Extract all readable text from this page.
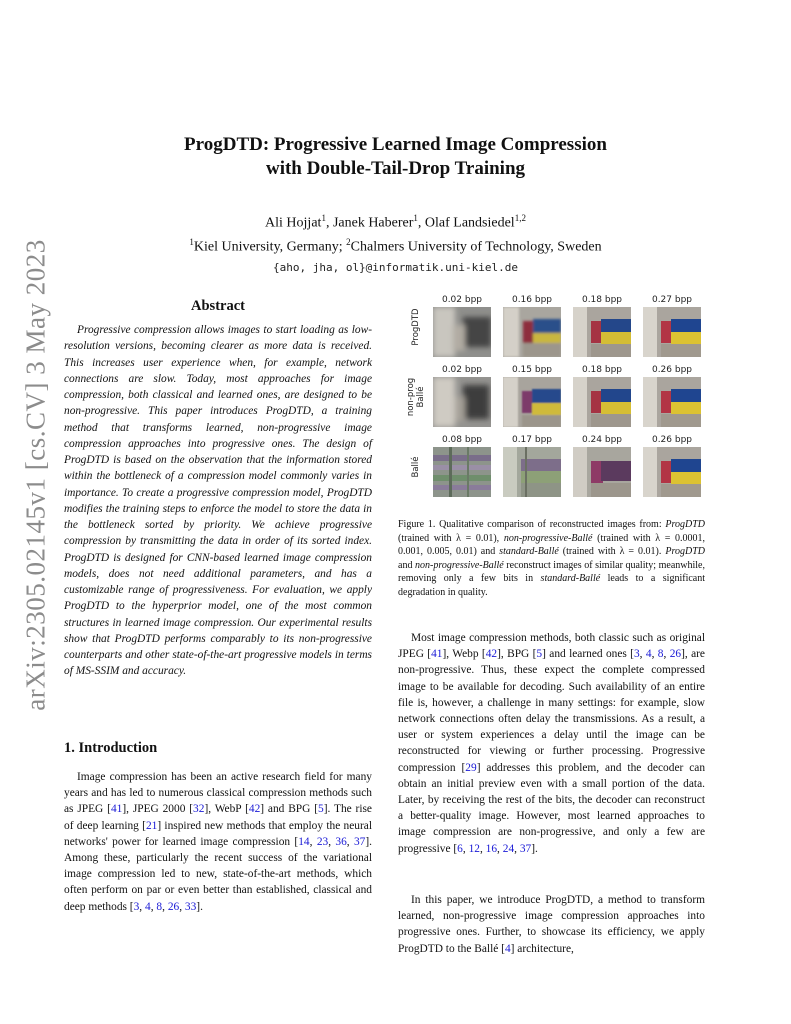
arXiv:2305.02145v1 [cs.CV] 3 May 2023
ProgDTD: Progressive Learned Image Compression
with Double-Tail-Drop Training
Ali Hojjat$^1$, Janek Haberer$^1$, Olaf Landsiedel$^{1,2}$
$^1$Kiel University, Germany; $^2$Chalmers University of Technology, Sweden
{aho, jha, ol}@informatik.uni-kiel.de
Abstract

Progressive compression allows images to start loading as low-resolution versions, becoming clearer as more data is received. This increases user experience when, for example, network connections are slow. Today, most approaches for image compression, both classical and learned ones, are designed to be non-progressive. This paper introduces ProgDTD, a training method that transforms learned, non-progressive image compression approaches into progressive ones. The design of ProgDTD is based on the observation that the information stored within the bottleneck of a compression model commonly varies in importance. To create a progressive compression model, ProgDTD modifies the training steps to enforce the model to store the data in the bottleneck sorted by priority. We achieve progressive compression by transmitting the data in order of its sorted index. ProgDTD is designed for CNN-based learned image compression models, does not need additional parameters, and has a customizable range of progressiveness. For evaluation, we apply ProgDTD to the hyperprior model, one of the most common structures in learned image compression. Our experimental results show that ProgDTD performs comparably to its non-progressive counterparts and other state-of-the-art progressive models in terms of MS-SSIM and accuracy.

1. Introduction

Image compression has been an active research field for many years and has led to numerous classical compression methods such as JPEG [41], JPEG 2000 [32], WebP [42] and BPG [5]. The rise of deep learning [21] inspired new methods that employ the neural networks' power for learned image compression [14, 23, 36, 37]. Among these, particularly the recent success of the variational image compression led to new, state-of-the-art methods, which often perform on par or even better than established, classical and deep methods [3, 4, 8, 26, 33].

ProgDTD
0.02 bpp	0.16 bpp	0.18 bpp	0.27 bpp
non-prog
Ballé
0.02 bpp	0.15 bpp	0.18 bpp	0.26 bpp
Ballé
0.08 bpp	0.17 bpp	0.24 bpp	0.26 bpp

Figure 1. Qualitative comparison of reconstructed images from: ProgDTD (trained with λ = 0.01), non-progressive-Ballé (trained with λ = 0.0001, 0.001, 0.005, 0.01) and standard-Ballé (trained with λ = 0.01). ProgDTD and non-progressive-Ballé reconstruct images of similar quality; meanwhile, removing only a few bits in standard-Ballé leads to a significant degradation in quality.

Most image compression methods, both classic such as original JPEG [41], Webp [42], BPG [5] and learned ones [3, 4, 8, 26], are non-progressive. Thus, these expect the complete compressed image to be available for decoding. Such availability of an entire file is, however, a challenge in many settings: for example, slow network connections often delay the transmissions. As a result, a user or system experiences a delay until the image can be reconstructed for viewing or further processing. Progressive compression [29] addresses this problem, and the decoder can obtain an initial preview even with a small portion of the data. Later, by receiving the rest of the bits, the decoder can reconstruct a better-quality image. However, most learned approaches to image compression are non-progressive, and only a few are progressive [6, 12, 16, 24, 37].

In this paper, we introduce ProgDTD, a method to transform learned, non-progressive image compression approaches into progressive ones. Further, to showcase its efficiency, we apply ProgDTD to the Ballé [4] architecture,
